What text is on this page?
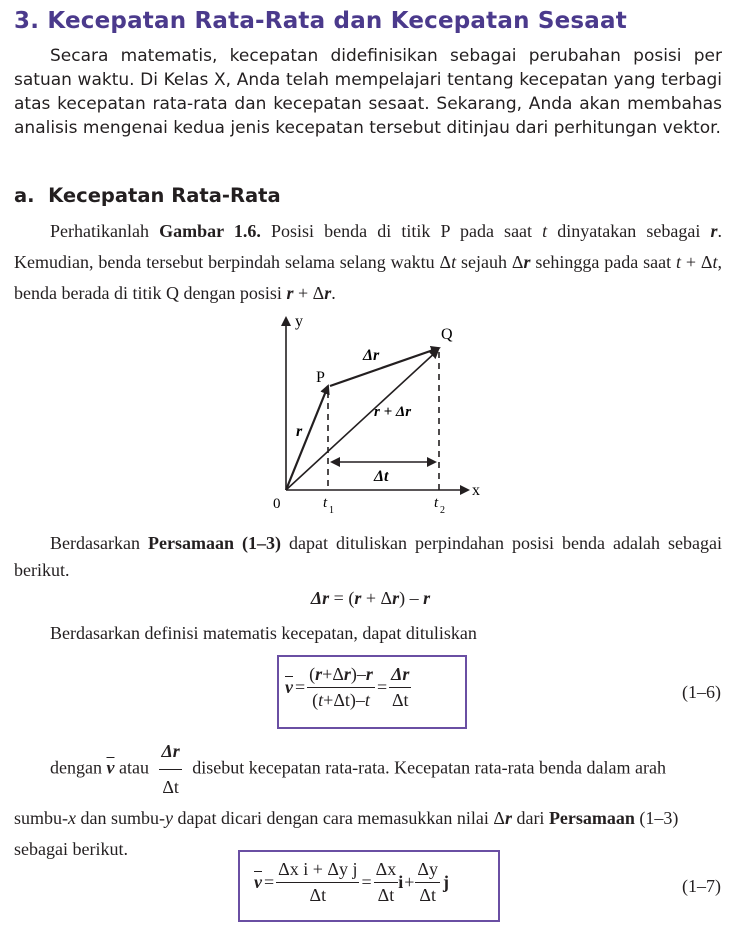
3. Kecepatan Rata-Rata dan Kecepatan Sesaat
Secara matematis, kecepatan didefinisikan sebagai perubahan posisi per satuan waktu. Di Kelas X, Anda telah mempelajari tentang kecepatan yang terbagi atas kecepatan rata-rata dan kecepatan sesaat. Sekarang, Anda akan membahas analisis mengenai kedua jenis kecepatan tersebut ditinjau dari perhitungan vektor.
a. Kecepatan Rata-Rata
Perhatikanlah Gambar 1.6. Posisi benda di titik P pada saat t dinyatakan sebagai r. Kemudian, benda tersebut berpindah selama selang waktu Δt sejauh Δr sehingga pada saat t + Δt, benda berada di titik Q dengan posisi r + Δr.
y
x
0
P
Q
r
Δr
r + Δr
Δt
t 1	t 2
Berdasarkan Persamaan (1–3) dapat dituliskan perpindahan posisi benda adalah sebagai berikut.
Δr = (r + Δr) – r
Berdasarkan definisi matematis kecepatan, dapat dituliskan
$\overline{v} = \frac{(r+\Delta r)-r}{(t+\Delta t)-t} = \frac{\Delta r}{\Delta t}$	(1–6)
dengan $\overline{v}$ atau $\frac{\Delta r}{\Delta t}$ disebut kecepatan rata-rata. Kecepatan rata-rata benda dalam arah sumbu-x dan sumbu-y dapat dicari dengan cara memasukkan nilai Δr dari Persamaan (1–3) sebagai berikut.
$\overline{v} = \frac{\text{Δx i + Δy j}}{\Delta t} = \frac{\Delta x}{\Delta t}$ $i + \frac{\Delta y}{\Delta t}$ j	(1–7)
